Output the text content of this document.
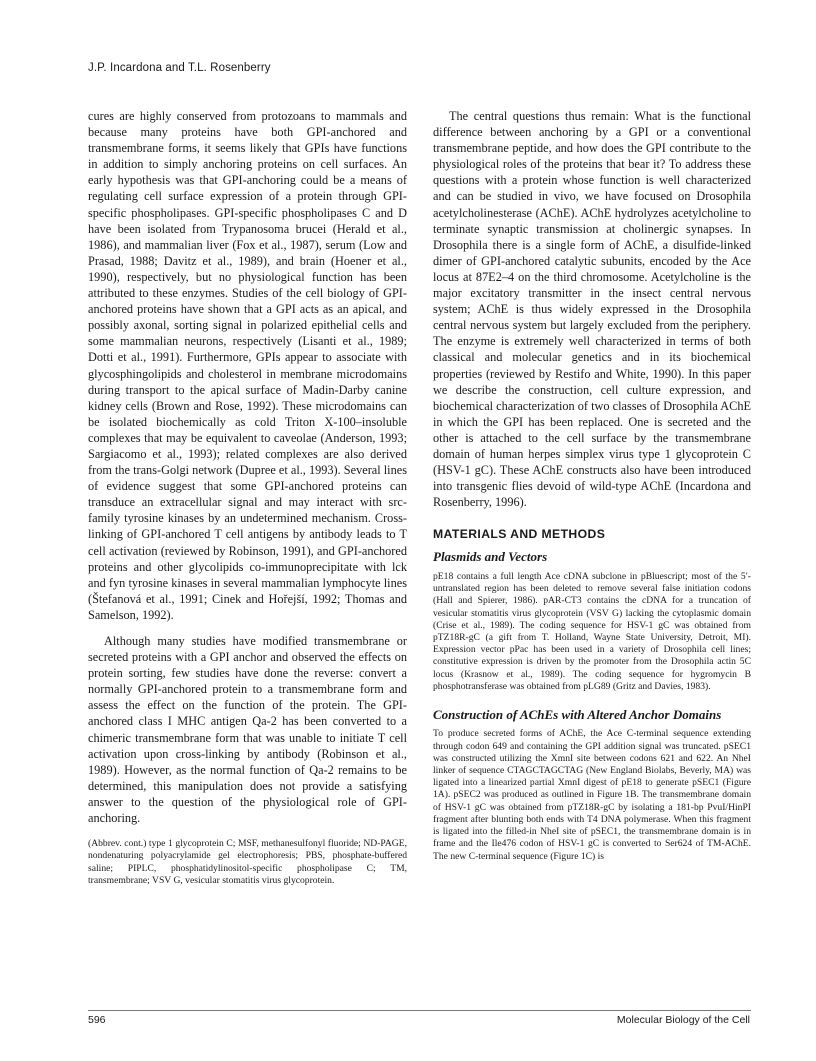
J.P. Incardona and T.L. Rosenberry

cures are highly conserved from protozoans to mammals and because many proteins have both GPI-anchored and transmembrane forms, it seems likely that GPIs have functions in addition to simply anchoring proteins on cell surfaces. An early hypothesis was that GPI-anchoring could be a means of regulating cell surface expression of a protein through GPI-specific phospholipases. GPI-specific phospholipases C and D have been isolated from Trypanosoma brucei (Herald et al., 1986), and mammalian liver (Fox et al., 1987), serum (Low and Prasad, 1988; Davitz et al., 1989), and brain (Hoener et al., 1990), respectively, but no physiological function has been attributed to these enzymes. Studies of the cell biology of GPI-anchored proteins have shown that a GPI acts as an apical, and possibly axonal, sorting signal in polarized epithelial cells and some mammalian neurons, respectively (Lisanti et al., 1989; Dotti et al., 1991). Furthermore, GPIs appear to associate with glycosphingolipids and cholesterol in membrane microdomains during transport to the apical surface of Madin-Darby canine kidney cells (Brown and Rose, 1992). These microdomains can be isolated biochemically as cold Triton X-100–insoluble complexes that may be equivalent to caveolae (Anderson, 1993; Sargiacomo et al., 1993); related complexes are also derived from the trans-Golgi network (Dupree et al., 1993). Several lines of evidence suggest that some GPI-anchored proteins can transduce an extracellular signal and may interact with src-family tyrosine kinases by an undetermined mechanism. Cross-linking of GPI-anchored T cell antigens by antibody leads to T cell activation (reviewed by Robinson, 1991), and GPI-anchored proteins and other glycolipids co-immunoprecipitate with lck and fyn tyrosine kinases in several mammalian lymphocyte lines (Štefanová et al., 1991; Cinek and Hořejší, 1992; Thomas and Samelson, 1992).

Although many studies have modified transmembrane or secreted proteins with a GPI anchor and observed the effects on protein sorting, few studies have done the reverse: convert a normally GPI-anchored protein to a transmembrane form and assess the effect on the function of the protein. The GPI-anchored class I MHC antigen Qa-2 has been converted to a chimeric transmembrane form that was unable to initiate T cell activation upon cross-linking by antibody (Robinson et al., 1989). However, as the normal function of Qa-2 remains to be determined, this manipulation does not provide a satisfying answer to the question of the physiological role of GPI-anchoring.

(Abbrev. cont.) type 1 glycoprotein C; MSF, methanesulfonyl fluoride; ND-PAGE, nondenaturing polyacrylamide gel electrophoresis; PBS, phosphate-buffered saline; PIPLC, phosphatidylinositol-specific phospholipase C; TM, transmembrane; VSV G, vesicular stomatitis virus glycoprotein.

The central questions thus remain: What is the functional difference between anchoring by a GPI or a conventional transmembrane peptide, and how does the GPI contribute to the physiological roles of the proteins that bear it? To address these questions with a protein whose function is well characterized and can be studied in vivo, we have focused on Drosophila acetylcholinesterase (AChE). AChE hydrolyzes acetylcholine to terminate synaptic transmission at cholinergic synapses. In Drosophila there is a single form of AChE, a disulfide-linked dimer of GPI-anchored catalytic subunits, encoded by the Ace locus at 87E2–4 on the third chromosome. Acetylcholine is the major excitatory transmitter in the insect central nervous system; AChE is thus widely expressed in the Drosophila central nervous system but largely excluded from the periphery. The enzyme is extremely well characterized in terms of both classical and molecular genetics and in its biochemical properties (reviewed by Restifo and White, 1990). In this paper we describe the construction, cell culture expression, and biochemical characterization of two classes of Drosophila AChE in which the GPI has been replaced. One is secreted and the other is attached to the cell surface by the transmembrane domain of human herpes simplex virus type 1 glycoprotein C (HSV-1 gC). These AChE constructs also have been introduced into transgenic flies devoid of wild-type AChE (Incardona and Rosenberry, 1996).

MATERIALS AND METHODS
Plasmids and Vectors

pE18 contains a full length Ace cDNA subclone in pBluescript; most of the 5′-untranslated region has been deleted to remove several false initiation codons (Hall and Spierer, 1986). pAR-CT3 contains the cDNA for a truncation of vesicular stomatitis virus glycoprotein (VSV G) lacking the cytoplasmic domain (Crise et al., 1989). The coding sequence for HSV-1 gC was obtained from pTZ18R-gC (a gift from T. Holland, Wayne State University, Detroit, MI). Expression vector pPac has been used in a variety of Drosophila cell lines; constitutive expression is driven by the promoter from the Drosophila actin 5C locus (Krasnow et al., 1989). The coding sequence for hygromycin B phosphotransferase was obtained from pLG89 (Gritz and Davies, 1983).

Construction of AChEs with Altered Anchor Domains

To produce secreted forms of AChE, the Ace C-terminal sequence extending through codon 649 and containing the GPI addition signal was truncated. pSEC1 was constructed utilizing the XmnI site between codons 621 and 622. An NheI linker of sequence CTAGCTAGCTAG (New England Biolabs, Beverly, MA) was ligated into a linearized partial XmnI digest of pE18 to generate pSEC1 (Figure 1A). pSEC2 was produced as outlined in Figure 1B. The transmembrane domain of HSV-1 gC was obtained from pTZ18R-gC by isolating a 181-bp PvuI/HinPI fragment after blunting both ends with T4 DNA polymerase. When this fragment is ligated into the filled-in NheI site of pSEC1, the transmembrane domain is in frame and the Ile476 codon of HSV-1 gC is converted to Ser624 of TM-AChE. The new C-terminal sequence (Figure 1C) is

596	Molecular Biology of the Cell
